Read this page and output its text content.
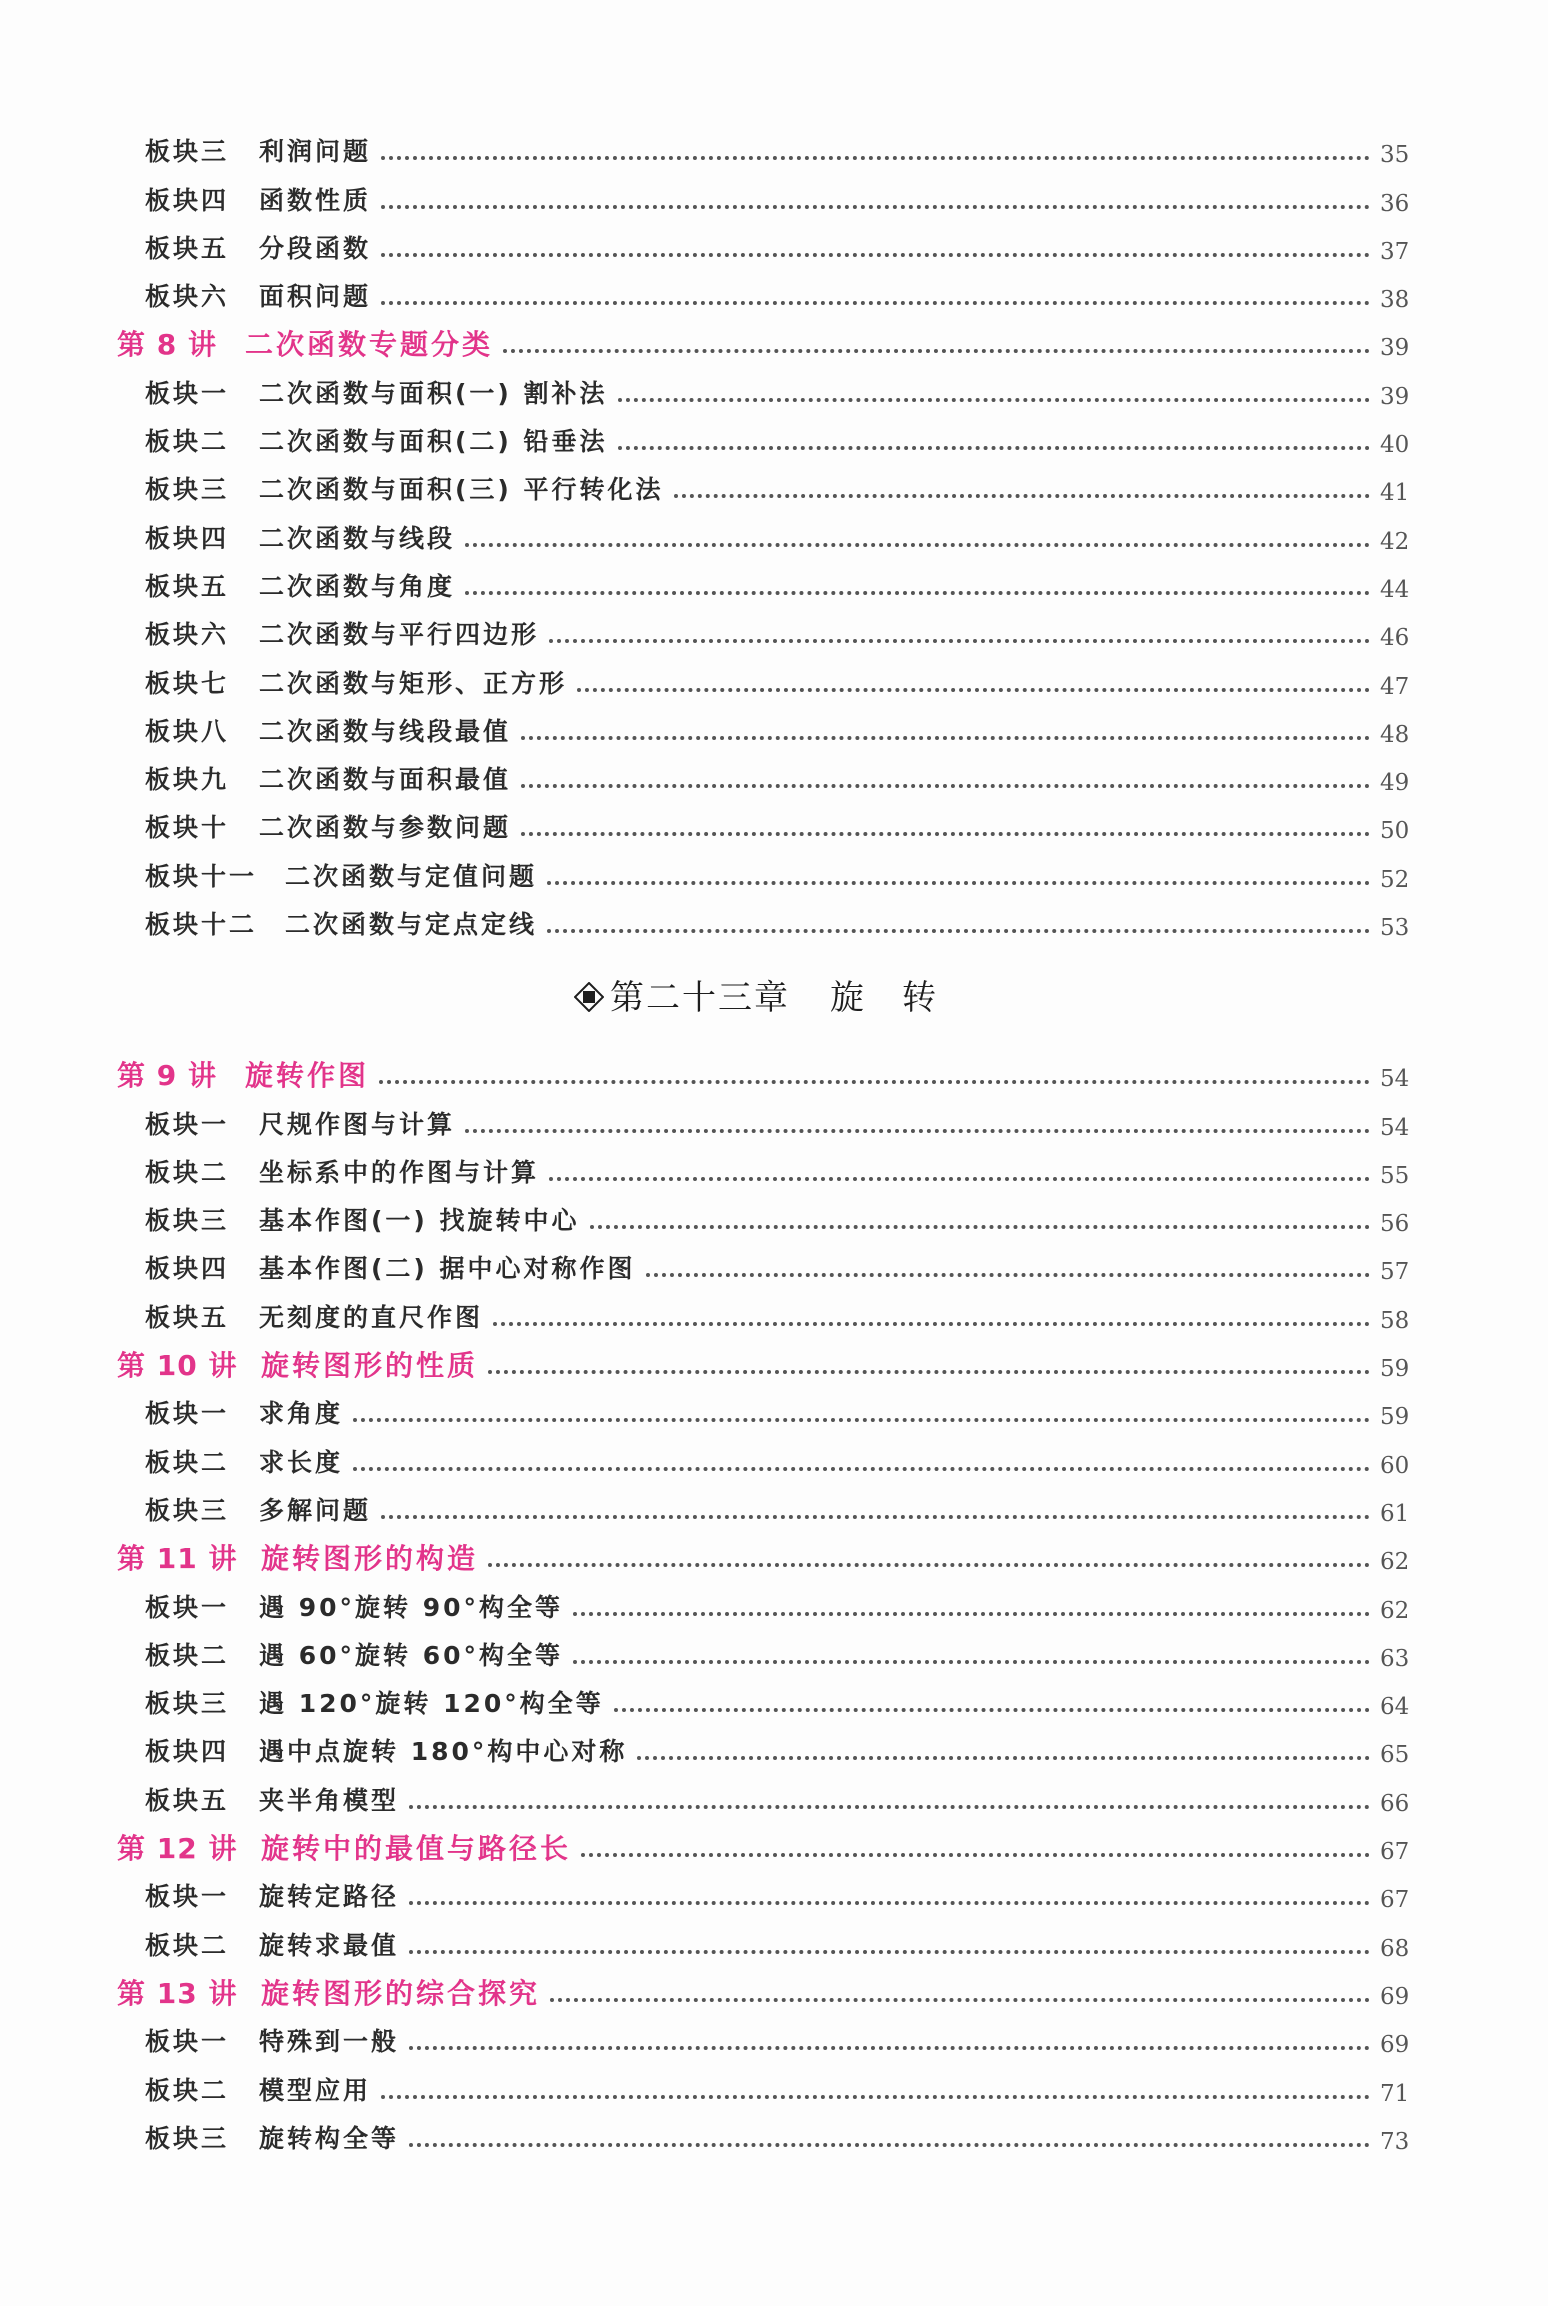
板块三	利润问题	35
板块四	函数性质	36
板块五	分段函数	37
板块六	面积问题	38
第 8 讲	二次函数专题分类	39
板块一	二次函数与面积(一) 割补法	39
板块二	二次函数与面积(二) 铅垂法	40
板块三	二次函数与面积(三) 平行转化法	41
板块四	二次函数与线段	42
板块五	二次函数与角度	44
板块六	二次函数与平行四边形	46
板块七	二次函数与矩形、正方形	47
板块八	二次函数与线段最值	48
板块九	二次函数与面积最值	49
板块十	二次函数与参数问题	50
板块十一	二次函数与定值问题	52
板块十二	二次函数与定点定线	53
第二十三章 旋转
第 9 讲	旋转作图	54
板块一	尺规作图与计算	54
板块二	坐标系中的作图与计算	55
板块三	基本作图(一) 找旋转中心	56
板块四	基本作图(二) 据中心对称作图	57
板块五	无刻度的直尺作图	58
第 10 讲 旋转图形的性质	59
板块一	求角度	59
板块二	求长度	60
板块三	多解问题	61
第 11 讲 旋转图形的构造	62
板块一	遇 90°旋转 90°构全等	62
板块二	遇 60°旋转 60°构全等	63
板块三	遇 120°旋转 120°构全等	64
板块四	遇中点旋转 180°构中心对称	65
板块五	夹半角模型	66
第 12 讲 旋转中的最值与路径长	67
板块一	旋转定路径	67
板块二	旋转求最值	68
第 13 讲 旋转图形的综合探究	69
板块一	特殊到一般	69
板块二	模型应用	71
板块三	旋转构全等	73
